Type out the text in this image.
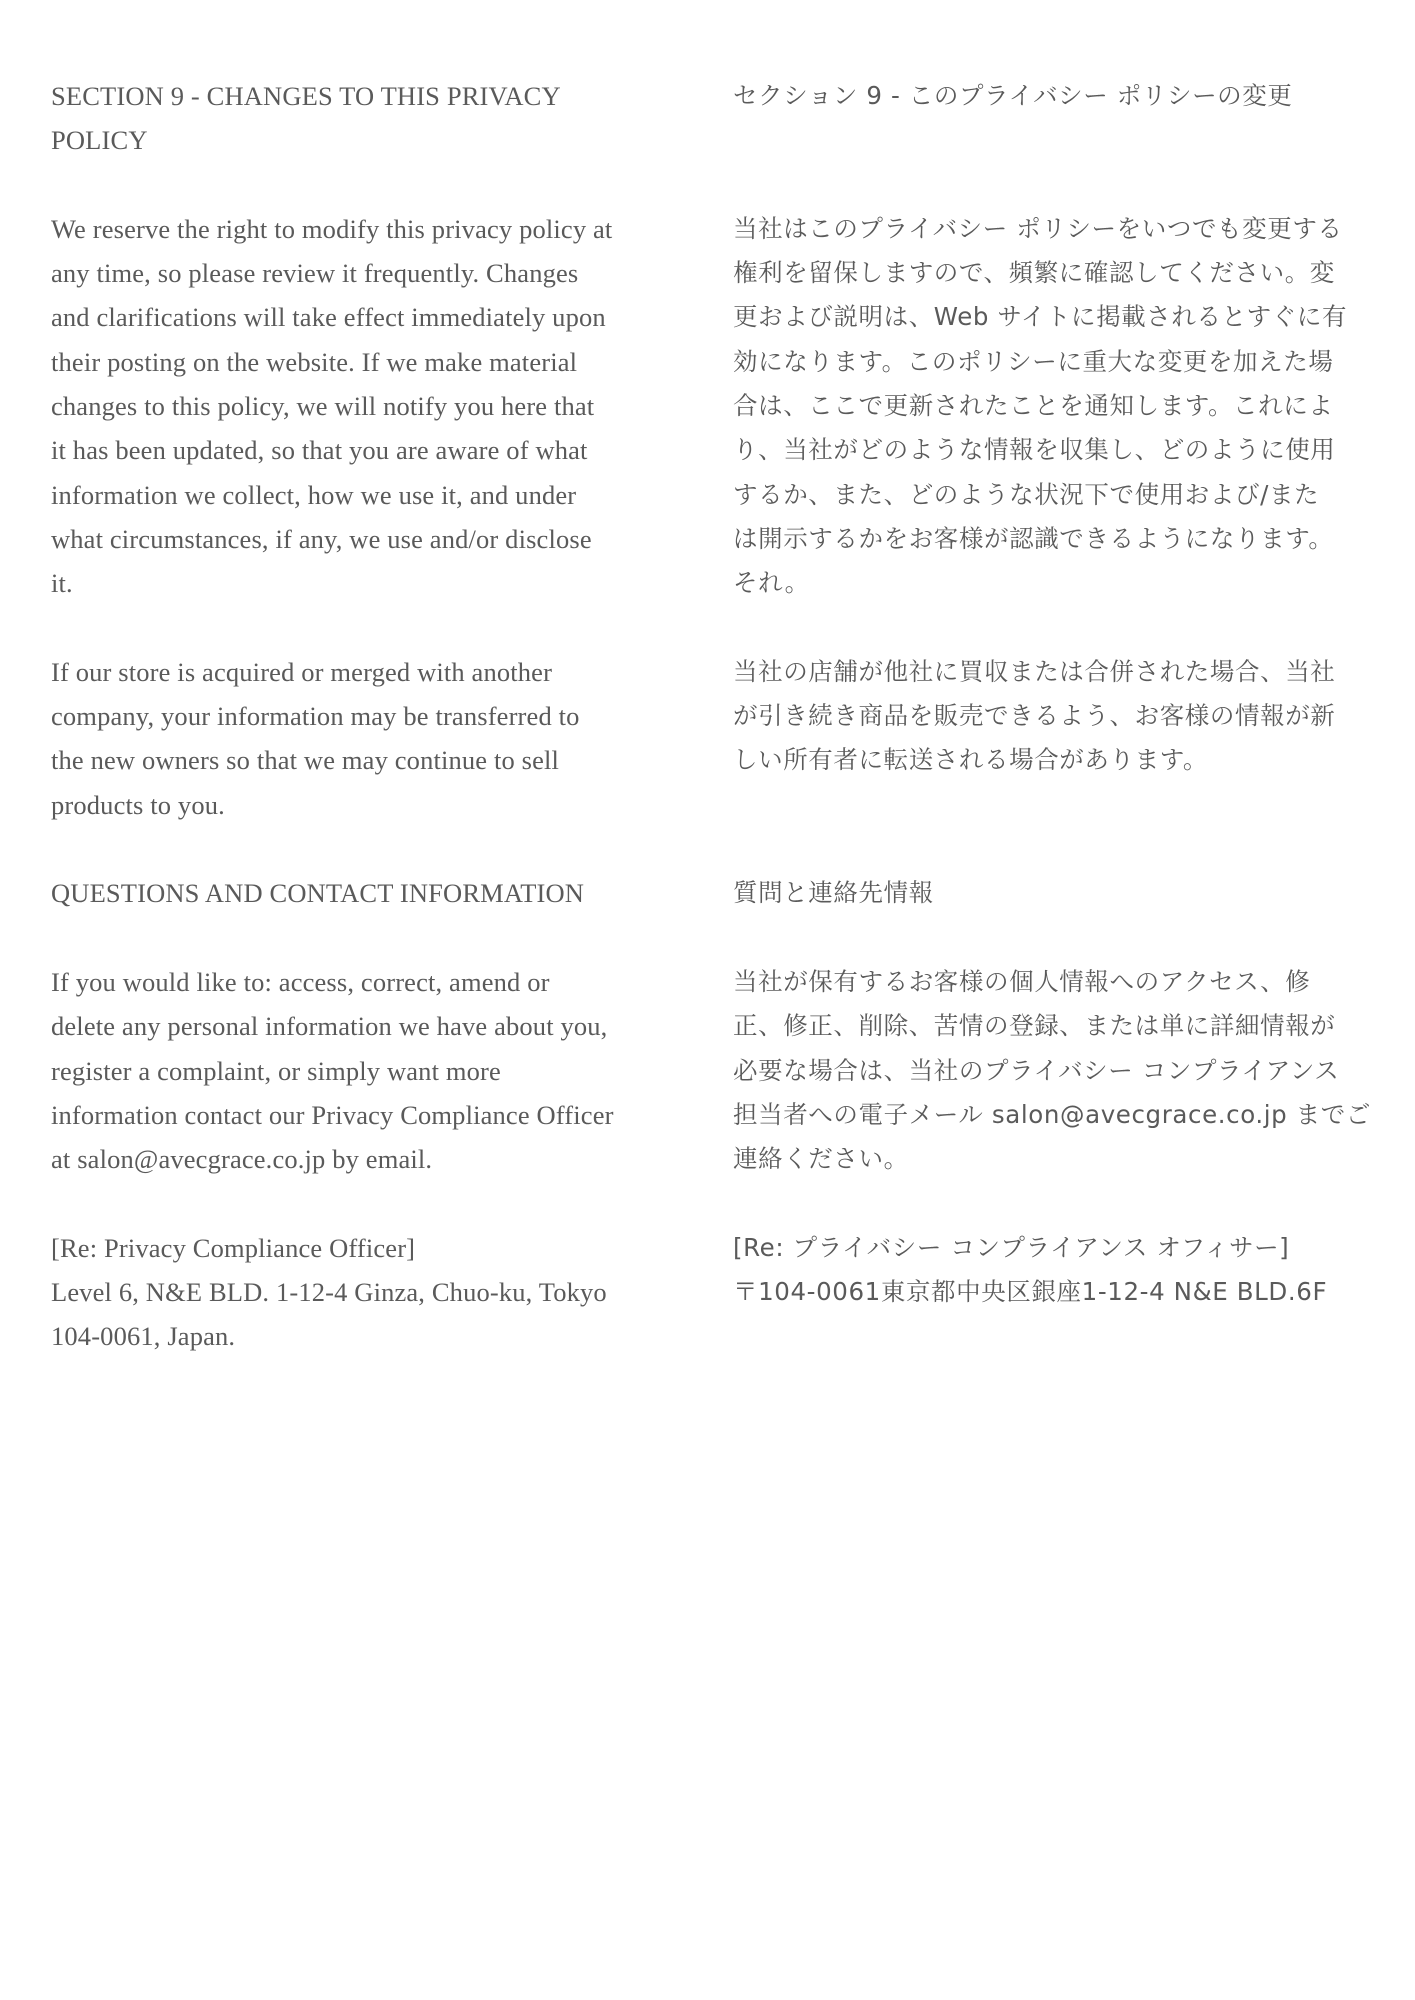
SECTION 9 - CHANGES TO THIS PRIVACY
POLICY
We reserve the right to modify this privacy policy at
any time, so please review it frequently. Changes
and clarifications will take effect immediately upon
their posting on the website. If we make material
changes to this policy, we will notify you here that
it has been updated, so that you are aware of what
information we collect, how we use it, and under
what circumstances, if any, we use and/or disclose
it.
If our store is acquired or merged with another
company, your information may be transferred to
the new owners so that we may continue to sell
products to you.
QUESTIONS AND CONTACT INFORMATION
If you would like to: access, correct, amend or
delete any personal information we have about you,
register a complaint, or simply want more
information contact our Privacy Compliance Officer
at salon@avecgrace.co.jp by email.
[Re: Privacy Compliance Officer]
Level 6, N&E BLD. 1-12-4 Ginza, Chuo-ku, Tokyo
104-0061, Japan.
セクション 9 - このプライバシー ポリシーの変更
当社はこのプライバシー ポリシーをいつでも変更する
権利を留保しますので、頻繁に確認してください。変
更および説明は、Web サイトに掲載されるとすぐに有
効になります。このポリシーに重大な変更を加えた場
合は、ここで更新されたことを通知します。これによ
り、当社がどのような情報を収集し、どのように使用
するか、また、どのような状況下で使用および/また
は開示するかをお客様が認識できるようになります。
それ。
当社の店舗が他社に買収または合併された場合、当社
が引き続き商品を販売できるよう、お客様の情報が新
しい所有者に転送される場合があります。
質問と連絡先情報
当社が保有するお客様の個人情報へのアクセス、修
正、修正、削除、苦情の登録、または単に詳細情報が
必要な場合は、当社のプライバシー コンプライアンス
担当者への電子メール salon@avecgrace.co.jp までご
連絡ください。
[Re: プライバシー コンプライアンス オフィサー]
〒104-0061東京都中央区銀座1-12-4 N&E BLD.6F
